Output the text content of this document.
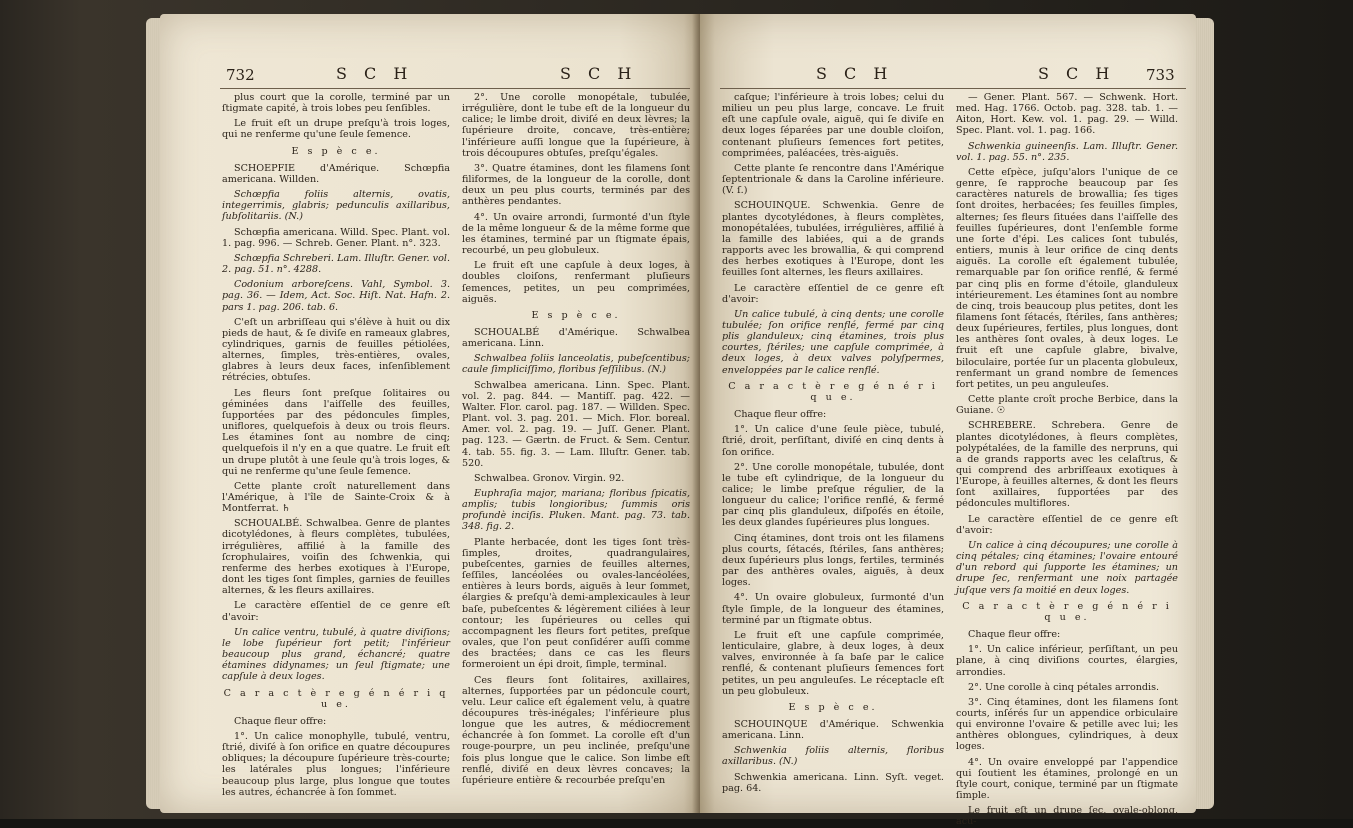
732	S C H	S C H

plus court que la corolle, terminé par un ſtigmate capité, à trois lobes peu ſenſibles.

Le fruit eſt un drupe preſqu'à trois loges, qui ne renferme qu'une ſeule ſemence.

E s p è c e.

SCHOEPFIE d'Amérique. Schœpfia americana. Willden.

Schœpfia foliis alternis, ovatis, integerrimis, glabris; pedunculis axillaribus, ſubſolitariis. (N.)

Schœpfia americana. Willd. Spec. Plant. vol. 1. pag. 996. — Schreb. Gener. Plant. n°. 323.

Schœpfia Schreberi. Lam. Illuſtr. Gener. vol. 2. pag. 51. n°. 4288.

Codonium arboreſcens. Vahl, Symbol. 3. pag. 36. — Idem, Act. Soc. Hiſt. Nat. Hafn. 2. pars 1. pag. 206. tab. 6.

C'eſt un arbriſſeau qui s'élève à huit ou dix pieds de haut, & ſe diviſe en rameaux glabres, cylindriques, garnis de feuilles pétiolées, alternes, ſimples, très-entières, ovales, glabres à leurs deux faces, inſenſiblement rétrécies, obtuſes.

Les fleurs ſont preſque ſolitaires ou géminées dans l'aiſſelle des feuilles, ſupportées par des pédoncules ſimples, uniflores, quelquefois à deux ou trois fleurs. Les étamines ſont au nombre de cinq; quelquefois il n'y en a que quatre. Le fruit eſt un drupe plutôt à une ſeule qu'à trois loges, & qui ne renferme qu'une ſeule ſemence.

Cette plante croît naturellement dans l'Amérique, à l'île de Sainte-Croix & à Montferrat. ♄

SCHOUALBÉ. Schwalbea. Genre de plantes dicotylédones, à fleurs complètes, tubulées, irrégulières, affilié à la famille des ſcrophulaires, voiſin des ſchwenkia, qui renferme des herbes exotiques à l'Europe, dont les tiges ſont ſimples, garnies de feuilles alternes, & les fleurs axillaires.

Le caractère eſſentiel de ce genre eſt d'avoir:

Un calice ventru, tubulé, à quatre diviſions; le lobe ſupérieur fort petit; l'inférieur beaucoup plus grand, échancré; quatre étamines didynames; un ſeul ſtigmate; une capſule à deux loges.

C a r a c t è r e g é n é r i q u e.

Chaque fleur offre:

1°. Un calice monophylle, tubulé, ventru, ſtrié, diviſé à ſon orifice en quatre découpures obliques; la découpure ſupérieure très-courte; les latérales plus longues; l'inférieure beaucoup plus large, plus longue que toutes les autres, échancrée à ſon ſommet.

2°. Une corolle monopétale, tubulée, irrégulière, dont le tube eſt de la longueur du calice; le limbe droit, diviſé en deux lèvres; la ſupérieure droite, concave, très-entière; l'inférieure auſſi longue que la ſupérieure, à trois découpures obtuſes, preſqu'égales.

3°. Quatre étamines, dont les filamens ſont filiformes, de la longueur de la corolle, dont deux un peu plus courts, terminés par des anthères pendantes.

4°. Un ovaire arrondi, ſurmonté d'un ſtyle de la même longueur & de la même forme que les étamines, terminé par un ſtigmate épais, recourbé, un peu globuleux.

Le fruit eſt une capſule à deux loges, à doubles cloiſons, renfermant pluſieurs ſemences, petites, un peu comprimées, aiguës.

E s p è c e.

SCHOUALBÉ d'Amérique. Schwalbea americana. Linn.

Schwalbea foliis lanceolatis, pubeſcentibus; caule ſimpliciſſimo, floribus ſeſſilibus. (N.)

Schwalbea americana. Linn. Spec. Plant. vol. 2. pag. 844. — Mantiſſ. pag. 422. — Walter. Flor. carol. pag. 187. — Willden. Spec. Plant. vol. 3. pag. 201. — Mich. Flor. boreal. Amer. vol. 2. pag. 19. — Juſſ. Gener. Plant. pag. 123. — Gærtn. de Fruct. & Sem. Centur. 4. tab. 55. fig. 3. — Lam. Illuſtr. Gener. tab. 520.

Schwalbea. Gronov. Virgin. 92.

Euphraſia major, mariana; floribus ſpicatis, amplis; tubis longioribus; ſummis oris profundè inciſis. Pluken. Mant. pag. 73. tab. 348. fig. 2.

Plante herbacée, dont les tiges ſont très-ſimples, droites, quadrangulaires, pubeſcentes, garnies de feuilles alternes, ſeſſiles, lancéolées ou ovales-lancéolées, entières à leurs bords, aiguës à leur ſommet, élargies & preſqu'à demi-amplexicaules à leur baſe, pubeſcentes & légèrement ciliées à leur contour; les ſupérieures ou celles qui accompagnent les fleurs fort petites, preſque ovales, que l'on peut conſidérer auſſi comme des bractées; dans ce cas les fleurs formeroient un épi droit, ſimple, terminal.

Ces fleurs ſont ſolitaires, axillaires, alternes, ſupportées par un pédoncule court, velu. Leur calice eſt également velu, à quatre découpures très-inégales; l'inférieure plus longue que les autres, & médiocrement échancrée à ſon ſommet. La corolle eſt d'un rouge-pourpre, un peu inclinée, preſqu'une fois plus longue que le calice. Son limbe eſt renflé, diviſé en deux lèvres concaves; la ſupérieure entière & recourbée preſqu'en

S C H	S C H 733

caſque; l'inférieure à trois lobes; celui du milieu un peu plus large, concave. Le fruit eſt une capſule ovale, aiguë, qui ſe diviſe en deux loges ſéparées par une double cloiſon, contenant pluſieurs ſemences fort petites, comprimées, paléacées, très-aiguës.

Cette plante ſe rencontre dans l'Amérique ſeptentrionale & dans la Caroline inférieure. (V. ſ.)

SCHOUINQUE. Schwenkia. Genre de plantes dycotylédones, à fleurs complètes, monopétalées, tubulées, irrégulières, affilié à la famille des labiées, qui a de grands rapports avec les browallia, & qui comprend des herbes exotiques à l'Europe, dont les feuilles ſont alternes, les fleurs axillaires.

Le caractère eſſentiel de ce genre eſt d'avoir:

Un calice tubulé, à cinq dents; une corolle tubulée; ſon orifice renflé, fermé par cinq plis glanduleux; cinq étamines, trois plus courtes, ſtériles; une capſule comprimée, à deux loges, à deux valves polyſpermes, enveloppées par le calice renflé.

C a r a c t è r e g é n é r i q u e.

Chaque fleur offre:

1°. Un calice d'une ſeule pièce, tubulé, ſtrié, droit, perſiſtant, diviſé en cinq dents à ſon orifice.

2°. Une corolle monopétale, tubulée, dont le tube eſt cylindrique, de la longueur du calice; le limbe preſque régulier, de la longueur du calice; l'orifice renflé, & fermé par cinq plis glanduleux, diſpoſés en étoile, les deux glandes ſupérieures plus longues.

Cinq étamines, dont trois ont les filamens plus courts, ſétacés, ſtériles, ſans anthères; deux ſupérieurs plus longs, fertiles, terminés par des anthères ovales, aiguës, à deux loges.

4°. Un ovaire globuleux, ſurmonté d'un ſtyle ſimple, de la longueur des étamines, terminé par un ſtigmate obtus.

Le fruit eſt une capſule comprimée, lenticulaire, glabre, à deux loges, à deux valves, environnée à ſa baſe par le calice renflé, & contenant pluſieurs ſemences fort petites, un peu anguleuſes. Le réceptacle eſt un peu globuleux.

E s p è c e.

SCHOUINQUE d'Amérique. Schwenkia americana. Linn.

Schwenkia foliis alternis, floribus axillaribus. (N.)

Schwenkia americana. Linn. Syſt. veget. pag. 64.

— Gener. Plant. 567. — Schwenk. Hort. med. Hag. 1766. Octob. pag. 328. tab. 1. — Aiton, Hort. Kew. vol. 1. pag. 29. — Willd. Spec. Plant. vol. 1. pag. 166.

Schwenkia guineenſis. Lam. Illuſtr. Gener. vol. 1. pag. 55. n°. 235.

Cette eſpèce, juſqu'alors l'unique de ce genre, ſe rapproche beaucoup par ſes caractères naturels de browallia; ſes tiges ſont droites, herbacées; ſes feuilles ſimples, alternes; ſes fleurs ſituées dans l'aiſſelle des feuilles ſupérieures, dont l'enſemble forme une ſorte d'épi. Les calices ſont tubulés, entiers, munis à leur orifice de cinq dents aiguës. La corolle eſt également tubulée, remarquable par ſon orifice renflé, & fermé par cinq plis en forme d'étoile, glanduleux intérieurement. Les étamines ſont au nombre de cinq, trois beaucoup plus petites, dont les filamens ſont ſétacés, ſtériles, ſans anthères; deux ſupérieures, fertiles, plus longues, dont les anthères ſont ovales, à deux loges. Le fruit eſt une capſule glabre, bivalve, biloculaire, portée ſur un placenta globuleux, renfermant un grand nombre de ſemences fort petites, un peu anguleuſes.

Cette plante croît proche Berbice, dans la Guiane. ☉

SCHREBERE. Schrebera. Genre de plantes dicotylédones, à fleurs complètes, polypétalées, de la famille des nerpruns, qui a de grands rapports avec les celaſtrus, & qui comprend des arbriſſeaux exotiques à l'Europe, à feuilles alternes, & dont les fleurs ſont axillaires, ſupportées par des pédoncules multiflores.

Le caractère eſſentiel de ce genre eſt d'avoir:

Un calice à cinq découpures; une corolle à cinq pétales; cinq étamines; l'ovaire entouré d'un rebord qui ſupporte les étamines; un drupe ſec, renfermant une noix partagée juſque vers ſa moitié en deux loges.

C a r a c t è r e g é n é r i q u e.

Chaque fleur offre:

1°. Un calice inférieur, perſiſtant, un peu plane, à cinq diviſions courtes, élargies, arrondies.

2°. Une corolle à cinq pétales arrondis.

3°. Cinq étamines, dont les filamens ſont courts, inſérés ſur un appendice orbiculaire qui environne l'ovaire & petille avec lui; les anthères oblongues, cylindriques, à deux loges.

4°. Un ovaire enveloppé par l'appendice qui ſoutient les étamines, prolongé en un ſtyle court, conique, terminé par un ſtigmate ſimple.

Le fruit eſt un drupe ſec, ovale-oblong, acu-
